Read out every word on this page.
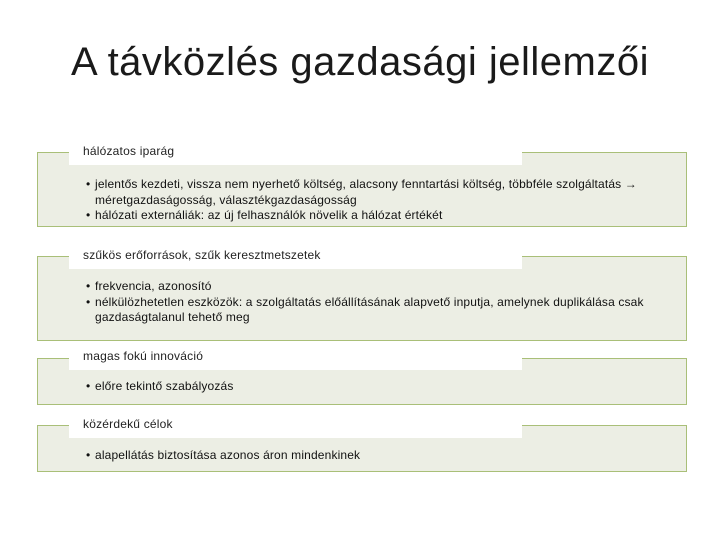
A távközlés gazdasági jellemzői
hálózatos iparág
• jelentős kezdeti, vissza nem nyerhető költség, alacsony fenntartási költség, többféle szolgáltatás → méretgazdaságosság, választékgazdaságosság
• hálózati externáliák: az új felhasználók növelik a hálózat értékét
szűkös erőforrások, szűk keresztmetszetek
• frekvencia, azonosító
• nélkülözhetetlen eszközök: a szolgáltatás előállításának alapvető inputja, amelynek duplikálása csak gazdaságtalanul tehető meg
magas fokú innováció
• előre tekintő szabályozás
közérdekű célok
• alapellátás biztosítása azonos áron mindenkinek
